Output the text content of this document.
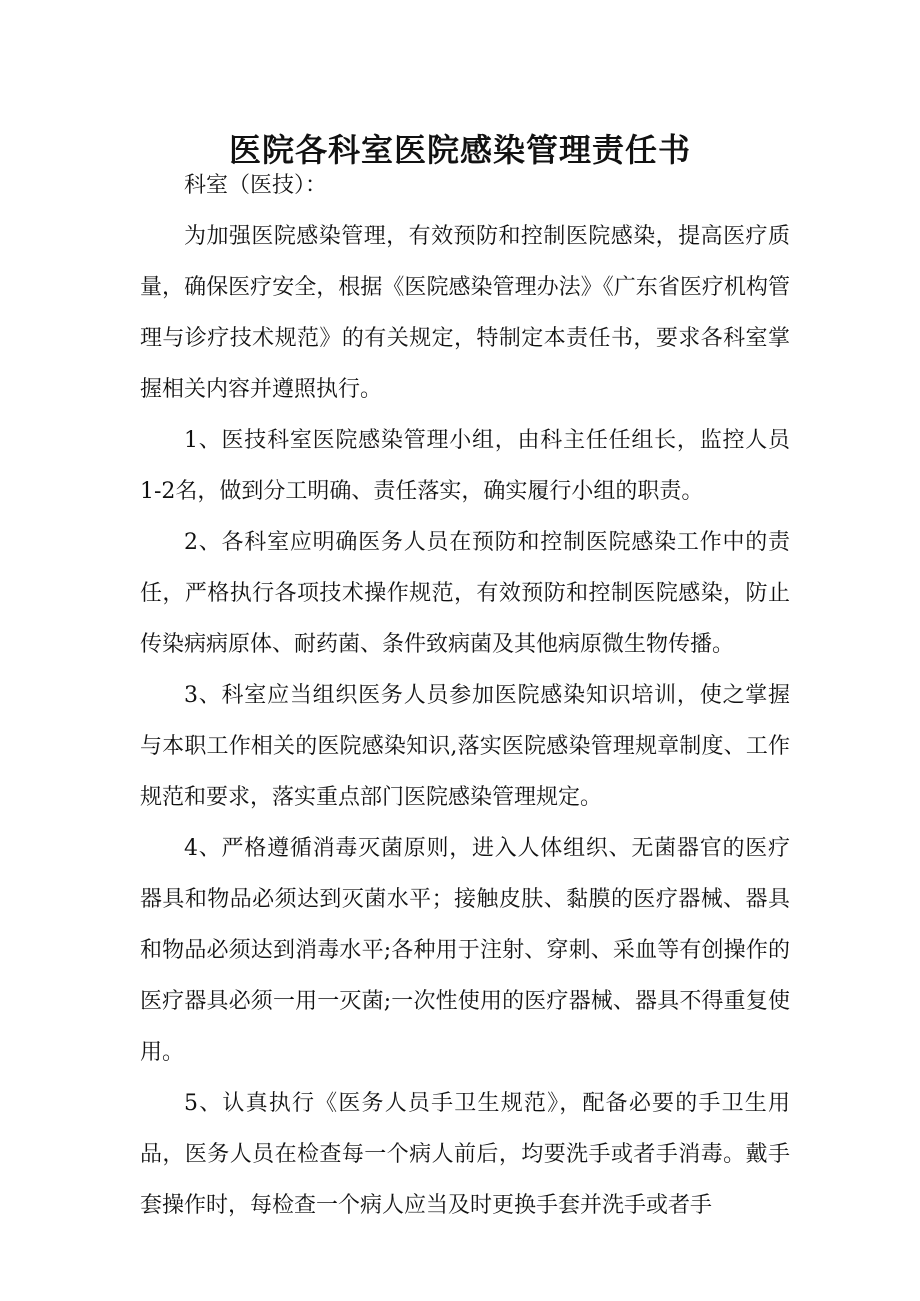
医院各科室医院感染管理责任书

科室（医技）：

为加强医院感染管理，有效预防和控制医院感染，提高医疗质量，确保医疗安全，根据《医院感染管理办法》《广东省医疗机构管理与诊疗技术规范》的有关规定，特制定本责任书，要求各科室掌握相关内容并遵照执行。

1、医技科室医院感染管理小组，由科主任任组长，监控人员1-2名，做到分工明确、责任落实，确实履行小组的职责。

2、各科室应明确医务人员在预防和控制医院感染工作中的责任，严格执行各项技术操作规范，有效预防和控制医院感染，防止传染病病原体、耐药菌、条件致病菌及其他病原微生物传播。

3、科室应当组织医务人员参加医院感染知识培训，使之掌握与本职工作相关的医院感染知识,落实医院感染管理规章制度、工作规范和要求，落实重点部门医院感染管理规定。

4、严格遵循消毒灭菌原则，进入人体组织、无菌器官的医疗器具和物品必须达到灭菌水平；接触皮肤、黏膜的医疗器械、器具和物品必须达到消毒水平;各种用于注射、穿刺、采血等有创操作的医疗器具必须一用一灭菌;一次性使用的医疗器械、器具不得重复使用。

5、认真执行《医务人员手卫生规范》，配备必要的手卫生用品，医务人员在检查每一个病人前后，均要洗手或者手消毒。戴手套操作时，每检查一个病人应当及时更换手套并洗手或者手
